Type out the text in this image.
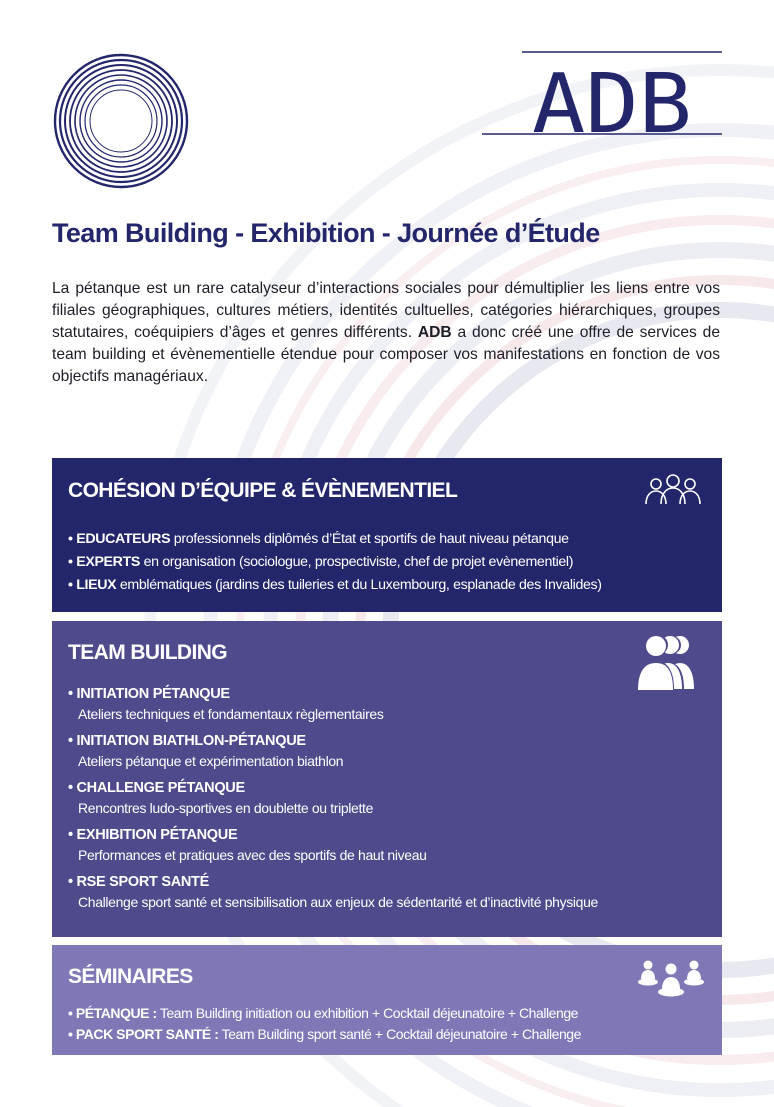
ADB
Team Building - Exhibition - Journée d’Étude

La pétanque est un rare catalyseur d’interactions sociales pour démultiplier les liens entre vos filiales géographiques, cultures métiers, identités cultuelles, catégories hiérarchiques, groupes statutaires, coéquipiers d’âges et genres différents. ADB a donc créé une offre de services de team building et évènementielle étendue pour composer vos manifestations en fonction de vos objectifs managériaux.

COHÉSION D’ÉQUIPE & ÉVÈNEMENTIEL
• EDUCATEURS professionnels diplômés d’État et sportifs de haut niveau pétanque
• EXPERTS en organisation (sociologue, prospectiviste, chef de projet evènementiel)
• LIEUX emblématiques (jardins des tuileries et du Luxembourg, esplanade des Invalides)
TEAM BUILDING
• INITIATION PÉTANQUE
Ateliers techniques et fondamentaux règlementaires
• INITIATION BIATHLON-PÉTANQUE
Ateliers pétanque et expérimentation biathlon
• CHALLENGE PÉTANQUE
Rencontres ludo-sportives en doublette ou triplette
• EXHIBITION PÉTANQUE
Performances et pratiques avec des sportifs de haut niveau
• RSE SPORT SANTÉ
Challenge sport santé et sensibilisation aux enjeux de sédentarité et d’inactivité physique
SÉMINAIRES
• PÉTANQUE : Team Building initiation ou exhibition + Cocktail déjeunatoire + Challenge
• PACK SPORT SANTÉ : Team Building sport santé + Cocktail déjeunatoire + Challenge
